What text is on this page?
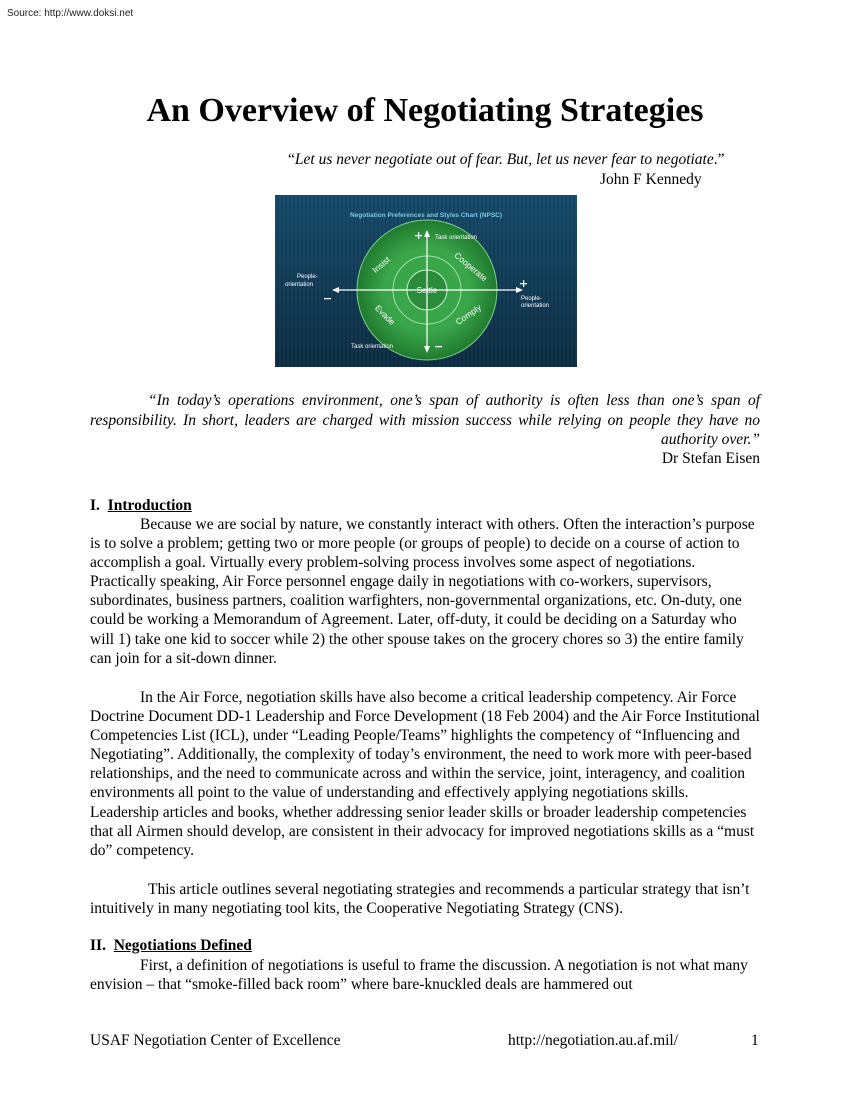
Source: http://www.doksi.net
An Overview of Negotiating Strategies
“Let us never negotiate out of fear. But, let us never fear to negotiate.”
John F Kennedy
Negotiation Preferences and Styles Chart (NPSC)
+ Task orientation
−
Task orientation
People-
orientation
−
+
People-
orientation
Settle
Insist	Cooperate
Evade	Comply
“In today’s operations environment, one’s span of authority is often less than one’s span of responsibility. In short, leaders are charged with mission success while relying on people they have no authority over.”
Dr Stefan Eisen
I. Introduction

Because we are social by nature, we constantly interact with others. Often the interaction’s purpose is to solve a problem; getting two or more people (or groups of people) to decide on a course of action to accomplish a goal. Virtually every problem-solving process involves some aspect of negotiations. Practically speaking, Air Force personnel engage daily in negotiations with co-workers, supervisors, subordinates, business partners, coalition warfighters, non-governmental organizations, etc. On-duty, one could be working a Memorandum of Agreement. Later, off-duty, it could be deciding on a Saturday who will 1) take one kid to soccer while 2) the other spouse takes on the grocery chores so 3) the entire family can join for a sit-down dinner.

In the Air Force, negotiation skills have also become a critical leadership competency. Air Force Doctrine Document DD-1 Leadership and Force Development (18 Feb 2004) and the Air Force Institutional Competencies List (ICL), under “Leading People/Teams” highlights the competency of “Influencing and Negotiating”. Additionally, the complexity of today’s environment, the need to work more with peer-based relationships, and the need to communicate across and within the service, joint, interagency, and coalition environments all point to the value of understanding and effectively applying negotiations skills. Leadership articles and books, whether addressing senior leader skills or broader leadership competencies that all Airmen should develop, are consistent in their advocacy for improved negotiations skills as a “must do” competency.

This article outlines several negotiating strategies and recommends a particular strategy that isn’t intuitively in many negotiating tool kits, the Cooperative Negotiating Strategy (CNS).

II. Negotiations Defined

First, a definition of negotiations is useful to frame the discussion. A negotiation is not what many envision – that “smoke-filled back room” where bare-knuckled deals are hammered out

USAF Negotiation Center of Excellence	http://negotiation.au.af.mil/	1
